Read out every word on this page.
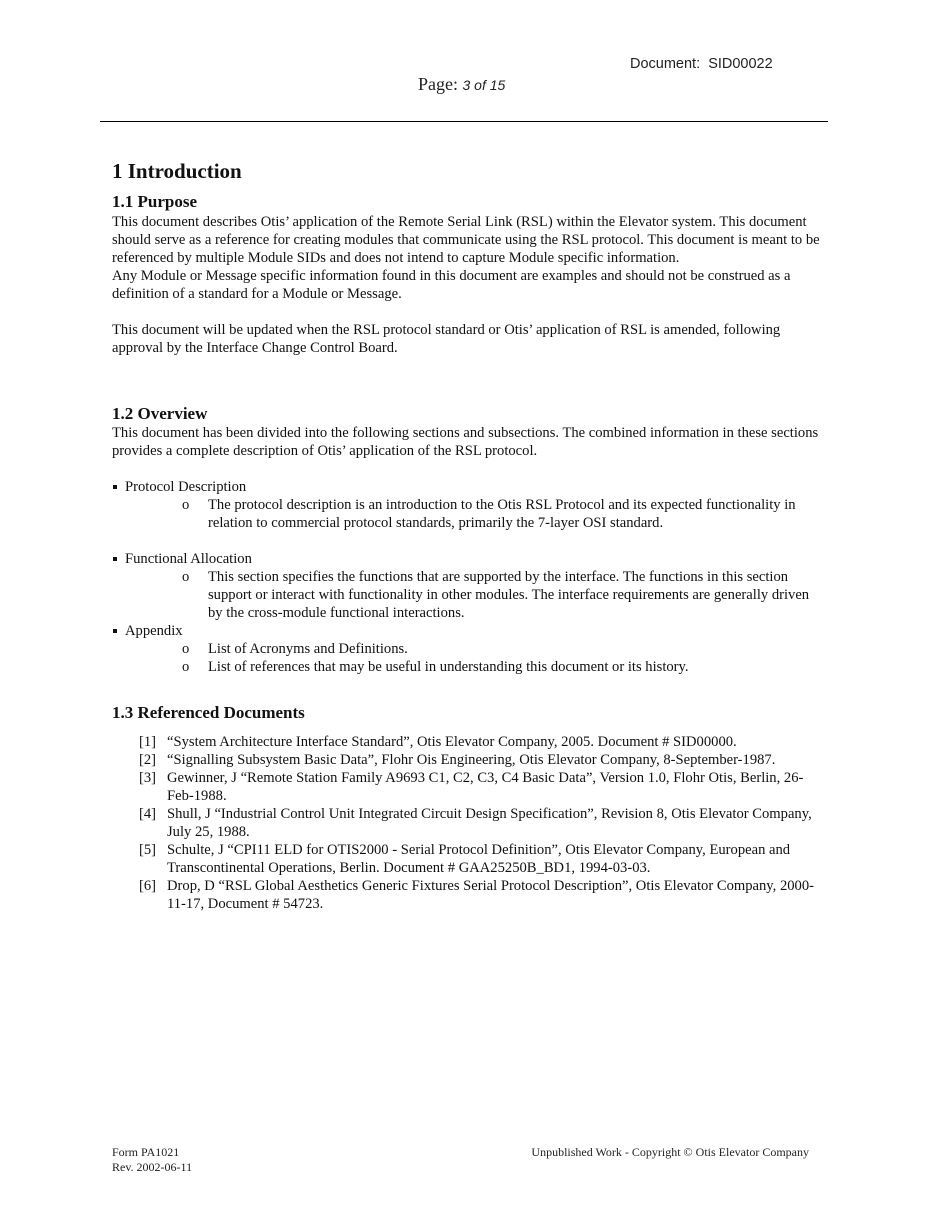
Document: SID00022
Page: 3 of 15
1 Introduction
1.1 Purpose

This document describes Otis’ application of the Remote Serial Link (RSL) within the Elevator system. This document should serve as a reference for creating modules that communicate using the RSL protocol. This document is meant to be referenced by multiple Module SIDs and does not intend to capture Module specific information.

Any Module or Message specific information found in this document are examples and should not be construed as a definition of a standard for a Module or Message.

This document will be updated when the RSL protocol standard or Otis’ application of RSL is amended, following approval by the Interface Change Control Board.

1.2 Overview

This document has been divided into the following sections and subsections. The combined information in these sections provides a complete description of Otis’ application of the RSL protocol.

Protocol Description
o The protocol description is an introduction to the Otis RSL Protocol and its expected functionality in relation to commercial protocol standards, primarily the 7-layer OSI standard.
Functional Allocation
o This section specifies the functions that are supported by the interface. The functions in this section support or interact with functionality in other modules. The interface requirements are generally driven by the cross-module functional interactions.
Appendix
o List of Acronyms and Definitions.
o List of references that may be useful in understanding this document or its history.
1.3 Referenced Documents
[1] “System Architecture Interface Standard”, Otis Elevator Company, 2005. Document # SID00000.
[2] “Signalling Subsystem Basic Data”, Flohr Ois Engineering, Otis Elevator Company, 8-September-1987.
[3] Gewinner, J “Remote Station Family A9693 C1, C2, C3, C4 Basic Data”, Version 1.0, Flohr Otis, Berlin, 26-Feb-1988.
[4] Shull, J “Industrial Control Unit Integrated Circuit Design Specification”, Revision 8, Otis Elevator Company, July 25, 1988.
[5] Schulte, J “CPI11 ELD for OTIS2000 - Serial Protocol Definition”, Otis Elevator Company, European and Transcontinental Operations, Berlin. Document # GAA25250B_BD1, 1994-03-03.
[6] Drop, D “RSL Global Aesthetics Generic Fixtures Serial Protocol Description”, Otis Elevator Company, 2000-11-17, Document # 54723.
Form PA1021
Rev. 2002-06-11
Unpublished Work - Copyright © Otis Elevator Company
